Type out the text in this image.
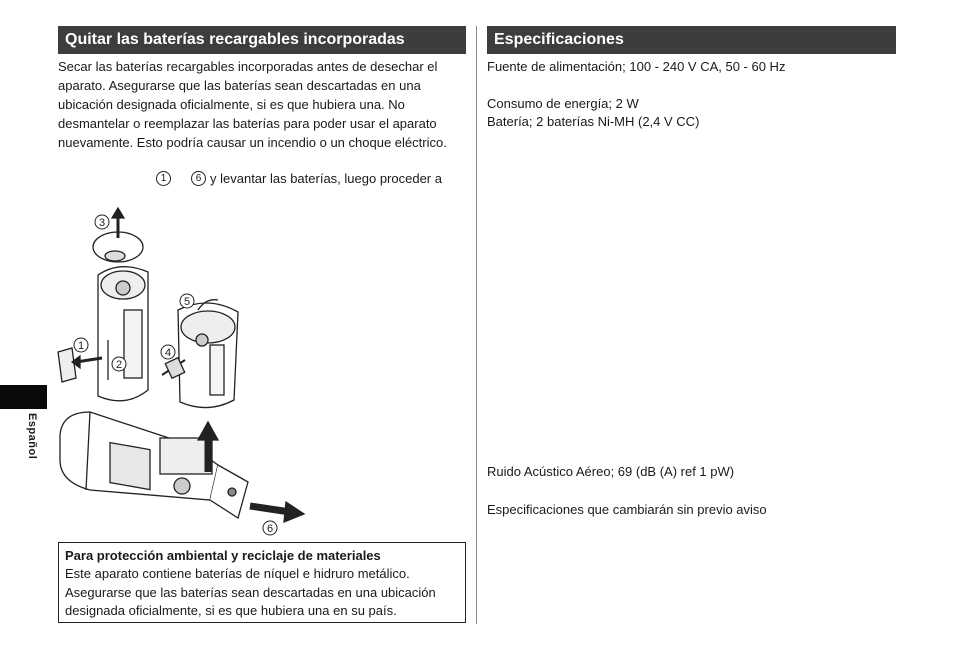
Quitar las baterías recargables incorporadas
Secar las baterías recargables incorporadas antes de desechar el
aparato. Asegurarse que las baterías sean descartadas en una
ubicación designada oficialmente, si es que hubiera una. No
desmantelar o reemplazar las baterías para poder usar el aparato
nuevamente. Esto podría causar un incendio o un choque eléctrico.
1	6 y levantar las baterías, luego proceder a
3
5
4
1
2
6
Para protección ambiental y reciclaje de materiales
Este aparato contiene baterías de níquel e hidruro metálico.
Asegurarse que las baterías sean descartadas en una ubicación
designada oficialmente, si es que hubiera una en su país.
Especificaciones
Fuente de alimentación; 100 - 240 V CA, 50 - 60 Hz
Consumo de energía; 2 W
Batería; 2 baterías Ni-MH (2,4 V CC)
Ruido Acústico Aéreo; 69 (dB (A) ref 1 pW)
Especificaciones que cambiarán sin previo aviso
Español
